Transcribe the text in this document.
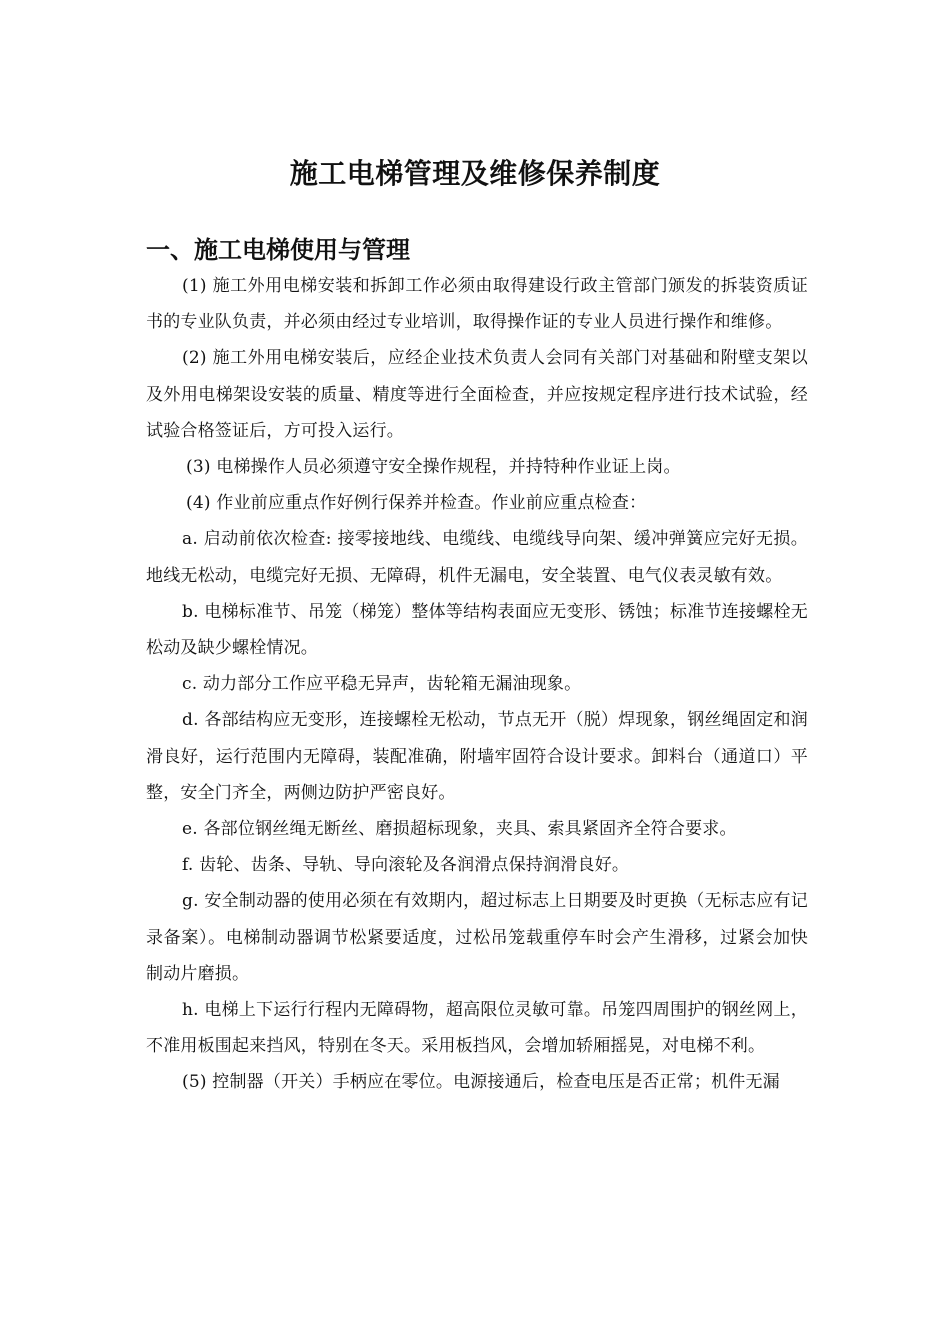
施工电梯管理及维修保养制度
一、施工电梯使用与管理

(1) 施工外用电梯安装和拆卸工作必须由取得建设行政主管部门颁发的拆装资质证书的专业队负责，并必须由经过专业培训，取得操作证的专业人员进行操作和维修。

(2) 施工外用电梯安装后，应经企业技术负责人会同有关部门对基础和附壁支架以及外用电梯架设安装的质量、精度等进行全面检查，并应按规定程序进行技术试验，经试验合格签证后，方可投入运行。

(3) 电梯操作人员必须遵守安全操作规程，并持特种作业证上岗。

(4) 作业前应重点作好例行保养并检查。作业前应重点检查：

a. 启动前依次检查: 接零接地线、电缆线、电缆线导向架、缓冲弹簧应完好无损。地线无松动，电缆完好无损、无障碍，机件无漏电，安全装置、电气仪表灵敏有效。

b. 电梯标准节、吊笼（梯笼）整体等结构表面应无变形、锈蚀；标准节连接螺栓无松动及缺少螺栓情况。

c. 动力部分工作应平稳无异声，齿轮箱无漏油现象。

d. 各部结构应无变形，连接螺栓无松动，节点无开（脱）焊现象，钢丝绳固定和润滑良好，运行范围内无障碍，装配准确，附墙牢固符合设计要求。卸料台（通道口）平整，安全门齐全，两侧边防护严密良好。

e. 各部位钢丝绳无断丝、磨损超标现象，夹具、索具紧固齐全符合要求。

f. 齿轮、齿条、导轨、导向滚轮及各润滑点保持润滑良好。

g. 安全制动器的使用必须在有效期内，超过标志上日期要及时更换（无标志应有记录备案）。电梯制动器调节松紧要适度，过松吊笼载重停车时会产生滑移，过紧会加快制动片磨损。

h. 电梯上下运行行程内无障碍物，超高限位灵敏可靠。吊笼四周围护的钢丝网上，不准用板围起来挡风，特别在冬天。采用板挡风，会增加轿厢摇晃，对电梯不利。

(5) 控制器（开关）手柄应在零位。电源接通后，检查电压是否正常；机件无漏
